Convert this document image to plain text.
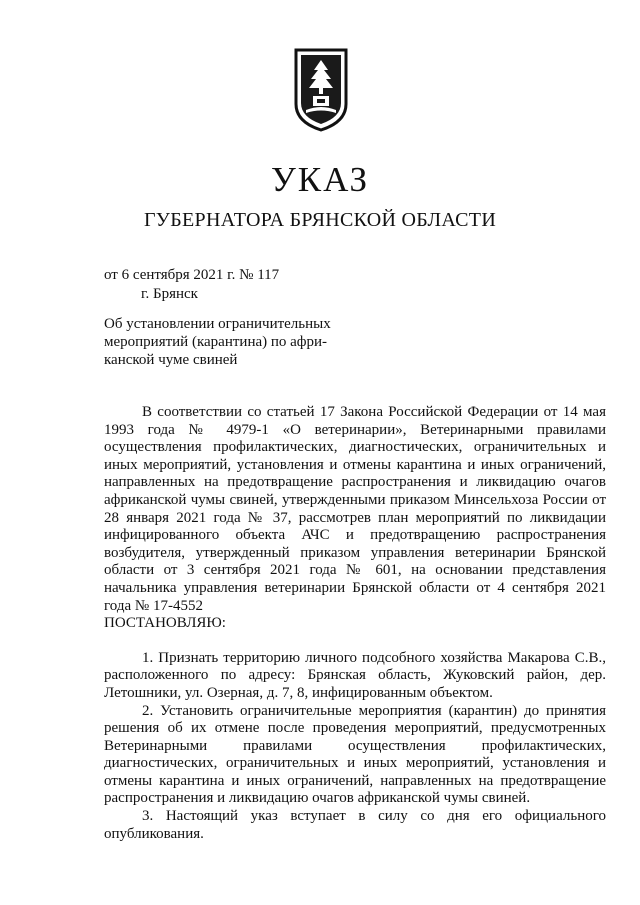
УКАЗ
ГУБЕРНАТОРА БРЯНСКОЙ ОБЛАСТИ
от 6 сентября 2021 г. № 117
г. Брянск
Об установлении ограничительных
мероприятий (карантина) по афри-
канской чуме свиней

В соответствии со статьей 17 Закона Российской Федерации от 14 мая 1993 года № 4979-1 «О ветеринарии», Ветеринарными правилами осуществления профилактических, диагностических, ограничительных и иных мероприятий, установления и отмены карантина и иных ограничений, направленных на предотвращение распространения и ликвидацию очагов африканской чумы свиней, утвержденными приказом Минсельхоза России от 28 января 2021 года № 37, рассмотрев план мероприятий по ликвидации инфицированного объекта АЧС и предотвращению распространения возбудителя, утвержденный приказом управления ветеринарии Брянской области от 3 сентября 2021 года № 601, на основании представления начальника управления ветеринарии Брянской области от 4 сентября 2021 года № 17-4552

ПОСТАНОВЛЯЮ:

1. Признать территорию личного подсобного хозяйства Макарова С.В., расположенного по адресу: Брянская область, Жуковский район, дер. Летошники, ул. Озерная, д. 7, 8, инфицированным объектом.

2. Установить ограничительные мероприятия (карантин) до принятия решения об их отмене после проведения мероприятий, предусмотренных Ветеринарными правилами осуществления профилактических, диагностических, ограничительных и иных мероприятий, установления и отмены карантина и иных ограничений, направленных на предотвращение распространения и ликвидацию очагов африканской чумы свиней.

3. Настоящий указ вступает в силу со дня его официального опубликования.
